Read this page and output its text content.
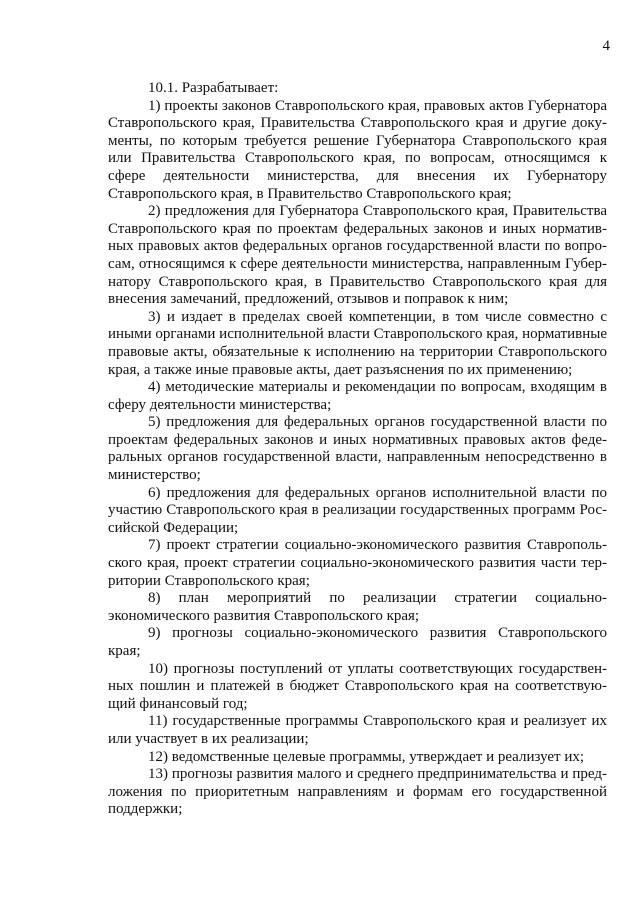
4

10.1. Разрабатывает:

1) проекты законов Ставропольского края, правовых актов Губернатора Ставропольского края, Правительства Ставропольского края и другие документы, по которым требуется решение Губернатора Ставропольского края или Правительства Ставропольского края, по вопросам, относящимся к сфере деятельности министерства, для внесения их Губернатору Ставропольского края, в Правительство Ставропольского края;

2) предложения для Губернатора Ставропольского края, Правительства Ставропольского края по проектам федеральных законов и иных нормативных правовых актов федеральных органов государственной власти по вопросам, относящимся к сфере деятельности министерства, направленным Губернатору Ставропольского края, в Правительство Ставропольского края для внесения замечаний, предложений, отзывов и поправок к ним;

3) и издает в пределах своей компетенции, в том числе совместно с иными органами исполнительной власти Ставропольского края, нормативные правовые акты, обязательные к исполнению на территории Ставропольского края, а также иные правовые акты, дает разъяснения по их применению;

4) методические материалы и рекомендации по вопросам, входящим в сферу деятельности министерства;

5) предложения для федеральных органов государственной власти по проектам федеральных законов и иных нормативных правовых актов федеральных органов государственной власти, направленным непосредственно в министерство;

6) предложения для федеральных органов исполнительной власти по участию Ставропольского края в реализации государственных программ Российской Федерации;

7) проект стратегии социально-экономического развития Ставропольского края, проект стратегии социально-экономического развития части территории Ставропольского края;

8) план мероприятий по реализации стратегии социально-экономического развития Ставропольского края;

9) прогнозы социально-экономического развития Ставропольского края;

10) прогнозы поступлений от уплаты соответствующих государственных пошлин и платежей в бюджет Ставропольского края на соответствующий финансовый год;

11) государственные программы Ставропольского края и реализует их или участвует в их реализации;

12) ведомственные целевые программы, утверждает и реализует их;

13) прогнозы развития малого и среднего предпринимательства и предложения по приоритетным направлениям и формам его государственной поддержки;
